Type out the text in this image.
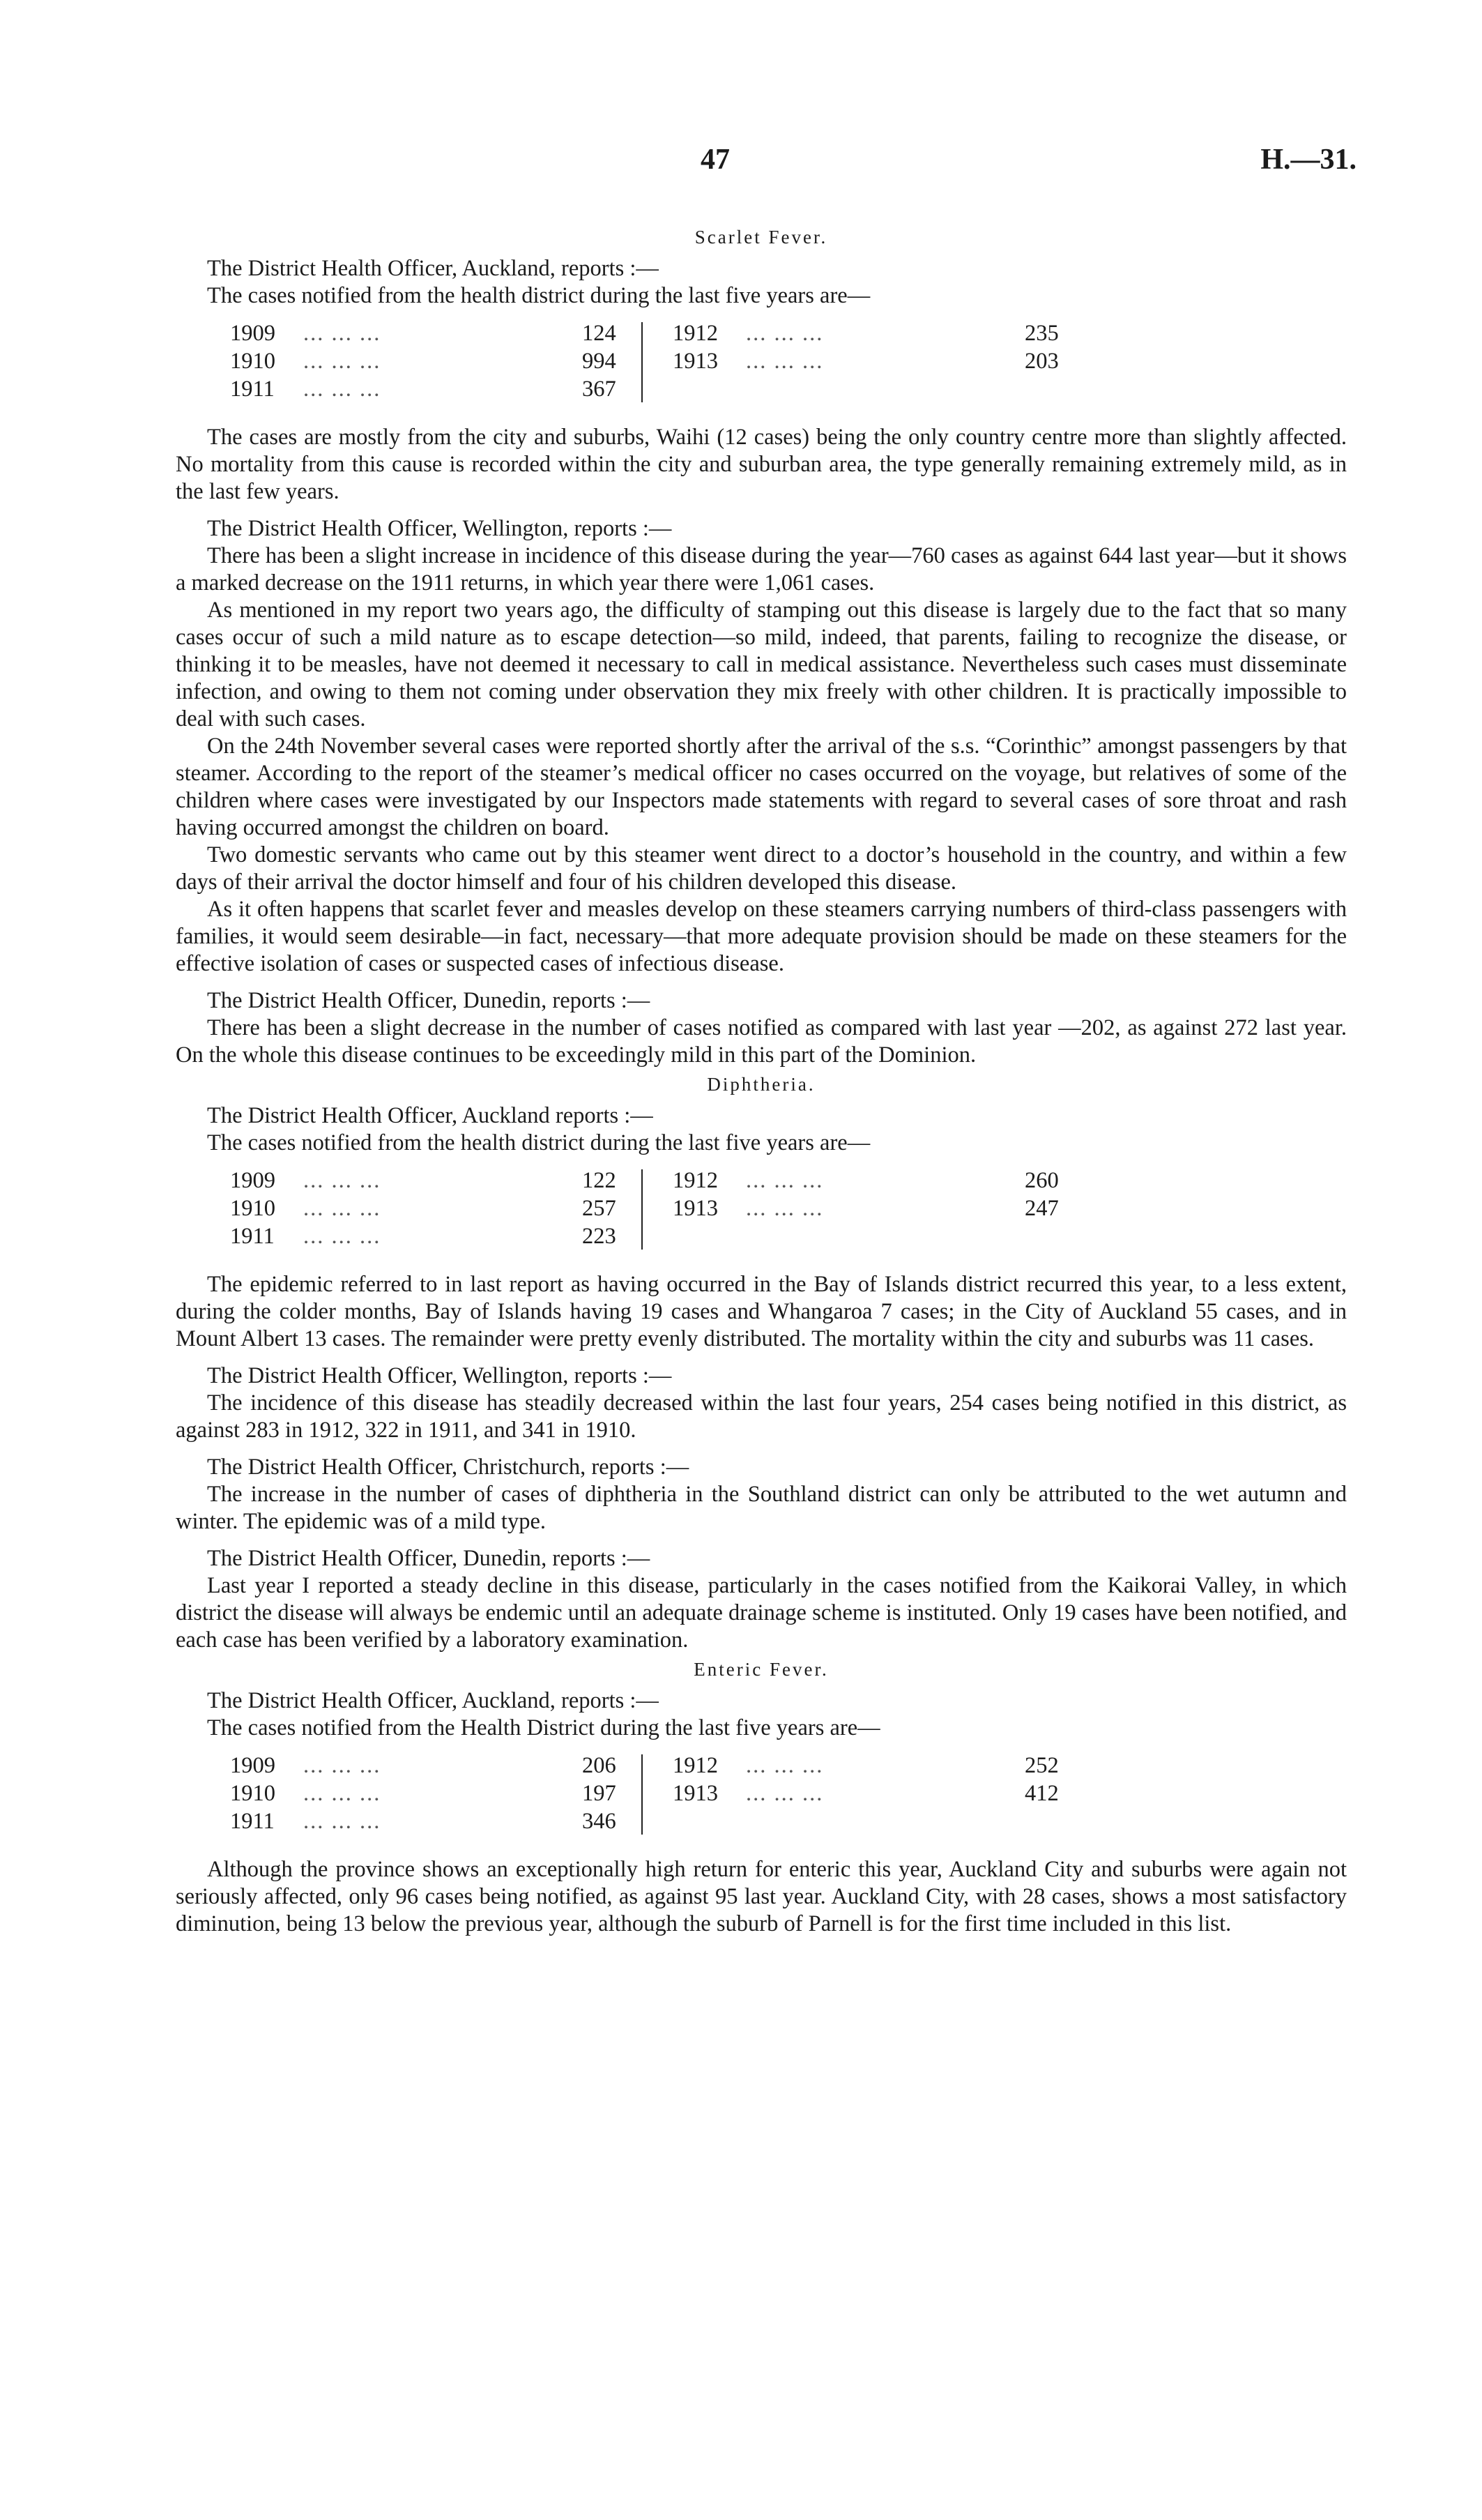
47	H.—31.
Scarlet Fever.

The District Health Officer, Auckland, reports :—

The cases notified from the health district during the last five years are—

1909	... ... ...	124		1912	... ... ...	235
1910	... ... ...	994		1913	... ... ...	203
1911	... ... ...	367				

The cases are mostly from the city and suburbs, Waihi (12 cases) being the only country centre more than slightly affected. No mortality from this cause is recorded within the city and suburban area, the type generally remaining extremely mild, as in the last few years.

The District Health Officer, Wellington, reports :—

There has been a slight increase in incidence of this disease during the year—760 cases as against 644 last year—but it shows a marked decrease on the 1911 returns, in which year there were 1,061 cases.

As mentioned in my report two years ago, the difficulty of stamping out this disease is largely due to the fact that so many cases occur of such a mild nature as to escape detection—so mild, indeed, that parents, failing to recognize the disease, or thinking it to be measles, have not deemed it necessary to call in medical assistance. Nevertheless such cases must disseminate infection, and owing to them not coming under observation they mix freely with other children. It is practically impossible to deal with such cases.

On the 24th November several cases were reported shortly after the arrival of the s.s. “Corinthic” amongst passengers by that steamer. According to the report of the steamer’s medical officer no cases occurred on the voyage, but relatives of some of the children where cases were investigated by our Inspectors made statements with regard to several cases of sore throat and rash having occurred amongst the children on board.

Two domestic servants who came out by this steamer went direct to a doctor’s household in the country, and within a few days of their arrival the doctor himself and four of his children developed this disease.

As it often happens that scarlet fever and measles develop on these steamers carrying numbers of third-class passengers with families, it would seem desirable—in fact, necessary—that more adequate provision should be made on these steamers for the effective isolation of cases or suspected cases of infectious disease.

The District Health Officer, Dunedin, reports :—

There has been a slight decrease in the number of cases notified as compared with last year —202, as against 272 last year. On the whole this disease continues to be exceedingly mild in this part of the Dominion.

Diphtheria.

The District Health Officer, Auckland reports :—

The cases notified from the health district during the last five years are—

1909	... ... ...	122		1912	... ... ...	260
1910	... ... ...	257		1913	... ... ...	247
1911	... ... ...	223				

The epidemic referred to in last report as having occurred in the Bay of Islands district recurred this year, to a less extent, during the colder months, Bay of Islands having 19 cases and Whangaroa 7 cases; in the City of Auckland 55 cases, and in Mount Albert 13 cases. The remainder were pretty evenly distributed. The mortality within the city and suburbs was 11 cases.

The District Health Officer, Wellington, reports :—

The incidence of this disease has steadily decreased within the last four years, 254 cases being notified in this district, as against 283 in 1912, 322 in 1911, and 341 in 1910.

The District Health Officer, Christchurch, reports :—

The increase in the number of cases of diphtheria in the Southland district can only be attributed to the wet autumn and winter. The epidemic was of a mild type.

The District Health Officer, Dunedin, reports :—

Last year I reported a steady decline in this disease, particularly in the cases notified from the Kaikorai Valley, in which district the disease will always be endemic until an adequate drainage scheme is instituted. Only 19 cases have been notified, and each case has been verified by a laboratory examination.

Enteric Fever.

The District Health Officer, Auckland, reports :—

The cases notified from the Health District during the last five years are—

1909	... ... ...	206		1912	... ... ...	252
1910	... ... ...	197		1913	... ... ...	412
1911	... ... ...	346				

Although the province shows an exceptionally high return for enteric this year, Auckland City and suburbs were again not seriously affected, only 96 cases being notified, as against 95 last year. Auckland City, with 28 cases, shows a most satisfactory diminution, being 13 below the previous year, although the suburb of Parnell is for the first time included in this list.
